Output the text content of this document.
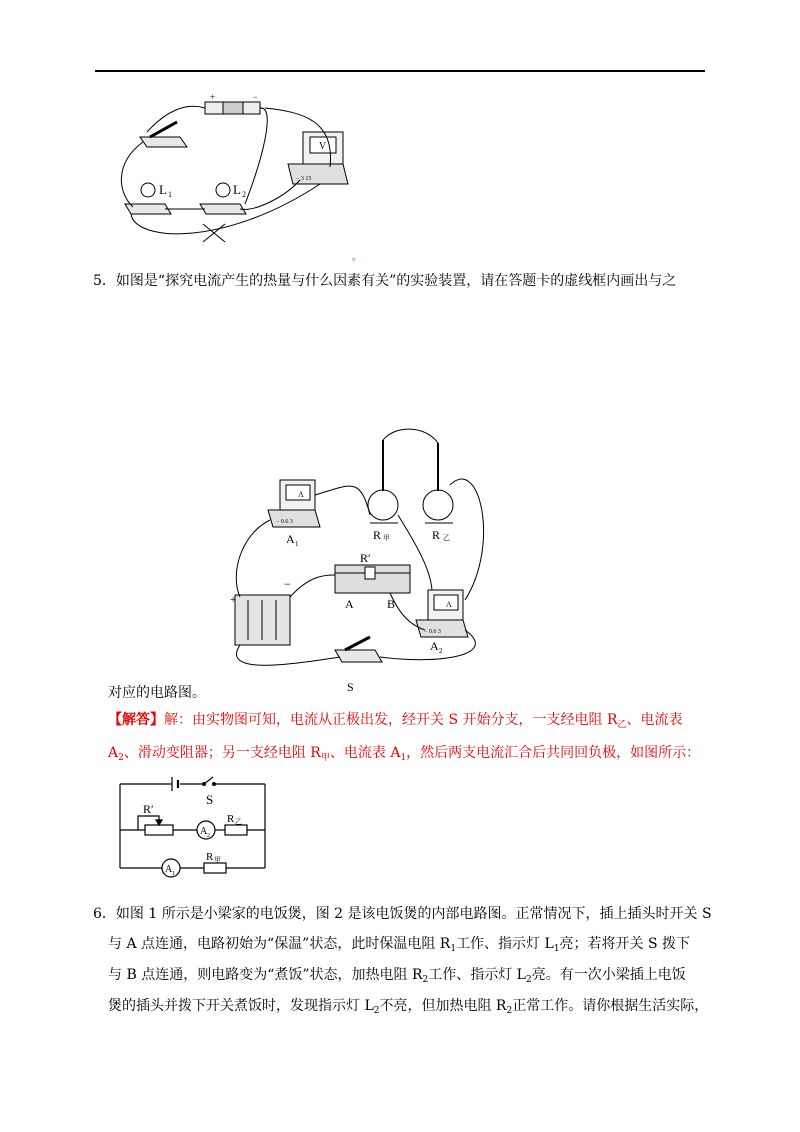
+	−
V
− 3 15
L 1	L 2
。
5．如图是“探究电流产生的热量与什么因素有关”的实验装置，请在答题卡的虚线框内画出与之
A
A
− 0.6 3
− 0.6 3
A 1
R 甲	R 乙
R′
A	B
−
+
A 2
S
对应的电路图。
【解答】解：由实物图可知，电流从正极出发，经开关 S 开始分支，一支经电阻 $R_乙$、电流表
$A_2$、滑动变阻器；另一支经电阻 $R_甲$、电流表 $A_1$，然后两支电流汇合后共同回负极，如图所示：
S
R′
A 2
R 乙
A 1
R 甲
6．如图 1 所示是小梁家的电饭煲，图 2 是该电饭煲的内部电路图。正常情况下，插上插头时开关 S
与 A 点连通，电路初始为“保温”状态，此时保温电阻 $R_1$工作、指示灯 $L_1$亮；若将开关 S 拨下
与 B 点连通，则电路变为“煮饭”状态，加热电阻 $R_2$工作、指示灯 $L_2$亮。有一次小梁插上电饭
煲的插头并拨下开关煮饭时，发现指示灯 $L_2$不亮，但加热电阻 $R_2$正常工作。请你根据生活实际，
